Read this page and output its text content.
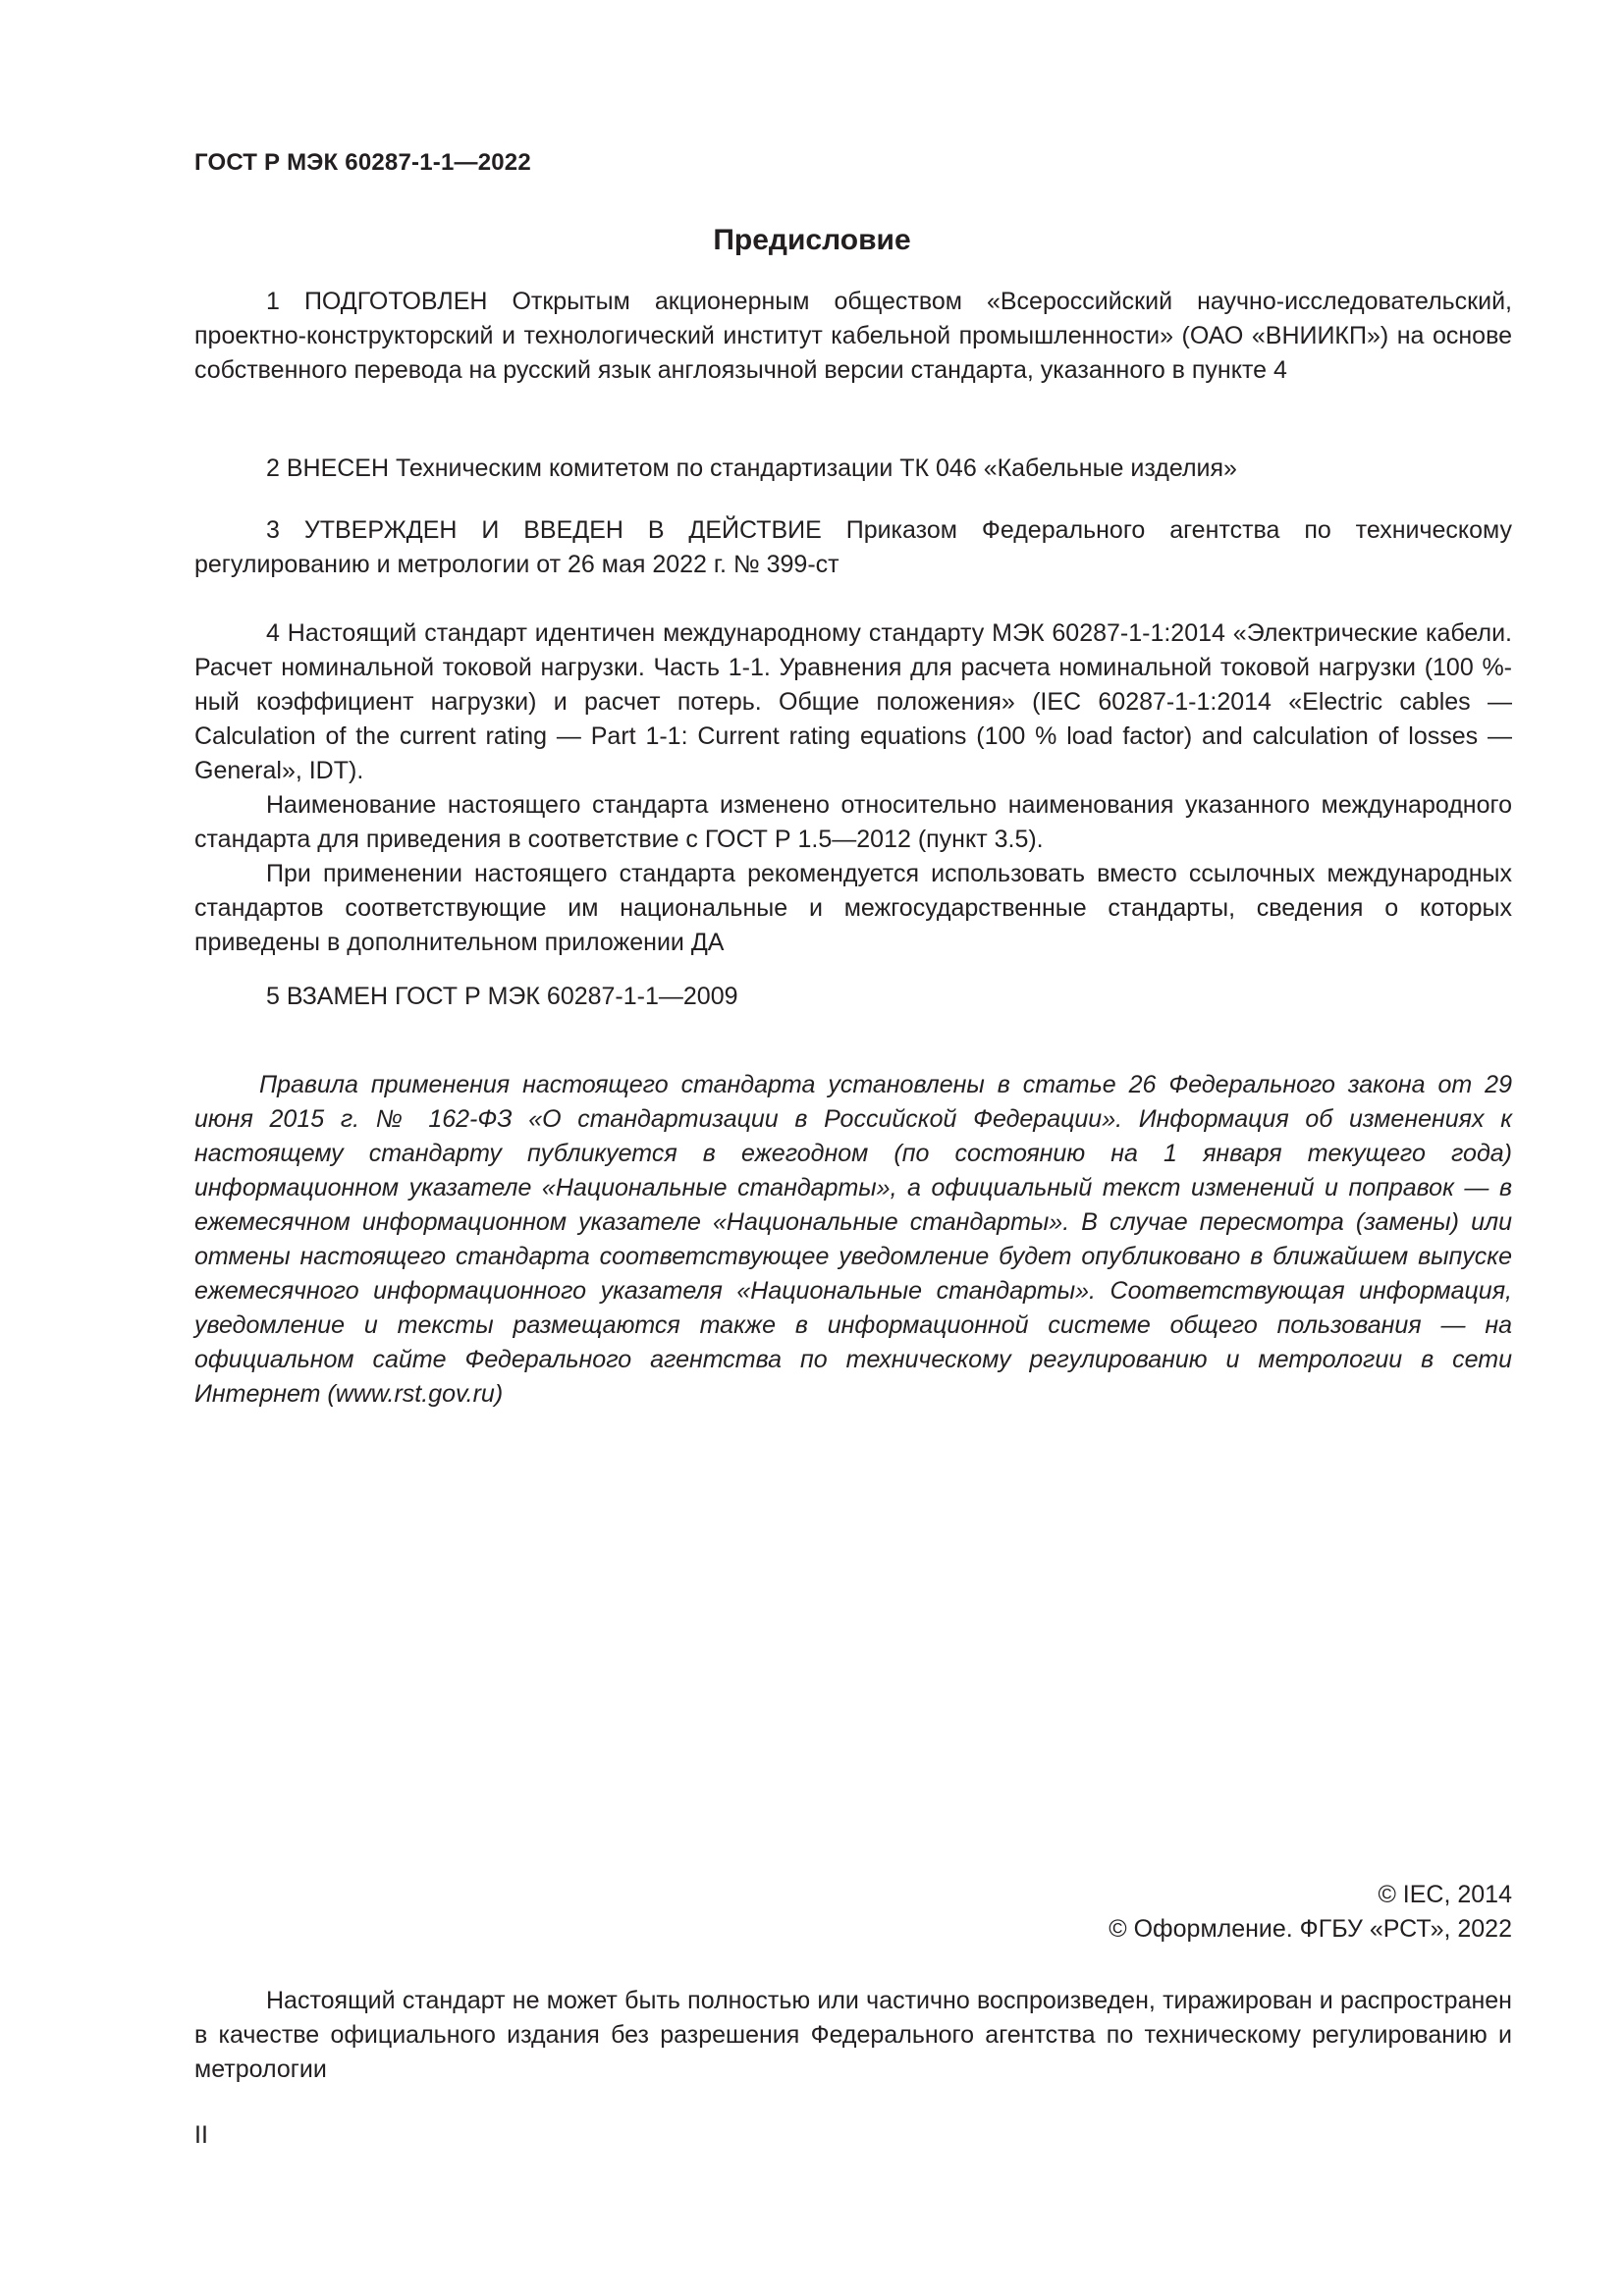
ГОСТ Р МЭК 60287-1-1—2022
Предисловие

1 ПОДГОТОВЛЕН Открытым акционерным обществом «Всероссийский научно-исследовательский, проектно-конструкторский и технологический институт кабельной промышленности» (ОАО «ВНИИКП») на основе собственного перевода на русский язык англоязычной версии стандарта, указанного в пункте 4

2 ВНЕСЕН Техническим комитетом по стандартизации ТК 046 «Кабельные изделия»

3 УТВЕРЖДЕН И ВВЕДЕН В ДЕЙСТВИЕ Приказом Федерального агентства по техническому регулированию и метрологии от 26 мая 2022 г. № 399-ст

4 Настоящий стандарт идентичен международному стандарту МЭК 60287-1-1:2014 «Электрические кабели. Расчет номинальной токовой нагрузки. Часть 1-1. Уравнения для расчета номинальной токовой нагрузки (100 %-ный коэффициент нагрузки) и расчет потерь. Общие положения» (IEC 60287-1-1:2014 «Electric cables — Calculation of the current rating — Part 1-1: Current rating equations (100 % load factor) and calculation of losses — General», IDT).

Наименование настоящего стандарта изменено относительно наименования указанного международного стандарта для приведения в соответствие с ГОСТ Р 1.5—2012 (пункт 3.5).

При применении настоящего стандарта рекомендуется использовать вместо ссылочных международных стандартов соответствующие им национальные и межгосударственные стандарты, сведения о которых приведены в дополнительном приложении ДА

5 ВЗАМЕН ГОСТ Р МЭК 60287-1-1—2009

Правила применения настоящего стандарта установлены в статье 26 Федерального закона от 29 июня 2015 г. № 162-ФЗ «О стандартизации в Российской Федерации». Информация об изменениях к настоящему стандарту публикуется в ежегодном (по состоянию на 1 января текущего года) информационном указателе «Национальные стандарты», а официальный текст изменений и поправок — в ежемесячном информационном указателе «Национальные стандарты». В случае пересмотра (замены) или отмены настоящего стандарта соответствующее уведомление будет опубликовано в ближайшем выпуске ежемесячного информационного указателя «Национальные стандарты». Соответствующая информация, уведомление и тексты размещаются также в информационной системе общего пользования — на официальном сайте Федерального агентства по техническому регулированию и метрологии в сети Интернет (www.rst.gov.ru)

© IEC, 2014
© Оформление. ФГБУ «РСТ», 2022

Настоящий стандарт не может быть полностью или частично воспроизведен, тиражирован и распространен в качестве официального издания без разрешения Федерального агентства по техническому регулированию и метрологии

II
